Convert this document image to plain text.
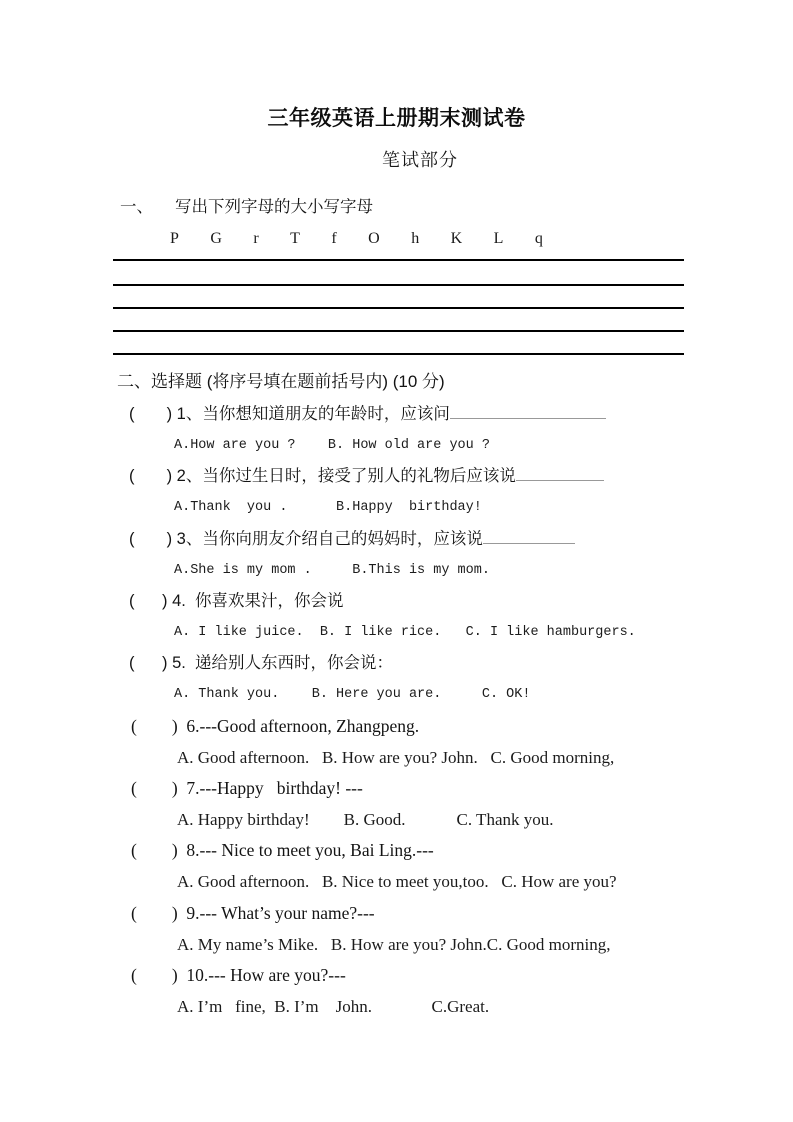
三年级英语上册期末测试卷
笔试部分
一、 写出下列字母的大小写字母
P G r T f O h K L q
二、选择题 (将序号填在题前括号内) (10 分)
(       ) 1、当你想知道朋友的年龄时，应该问
A.How are you ?    B. How old are you ?
(       ) 2、当你过生日时，接受了别人的礼物后应该说
A.Thank  you .      B.Happy  birthday!
(       ) 3、当你向朋友介绍自己的妈妈时，应该说
A.She is my mom .     B.This is my mom.
(      ) 4.  你喜欢果汁，你会说
A. I like juice.  B. I like rice.   C. I like hamburgers.
(      ) 5.  递给别人东西时，你会说：
A. Thank you.    B. Here you are.     C. OK!
(        )  6.---Good afternoon, Zhangpeng.
A. Good afternoon.   B. How are you? John.   C. Good morning,
(        )  7.---Happy   birthday! ---
A. Happy birthday!        B. Good.            C. Thank you.
(        )  8.--- Nice to meet you, Bai Ling.---
A. Good afternoon.   B. Nice to meet you,too.   C. How are you?
(        )  9.--- What’s your name?---
A. My name’s Mike.   B. How are you? John.C. Good morning,
(        )  10.--- How are you?---
A. I’m   fine,  B. I’m    John.              C.Great.
